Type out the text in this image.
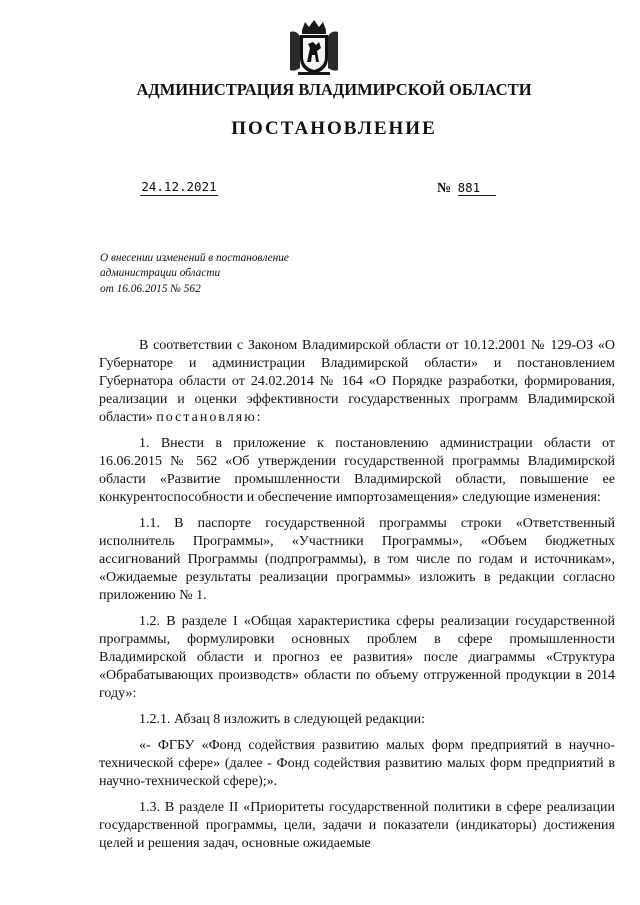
АДМИНИСТРАЦИЯ ВЛАДИМИРСКОЙ ОБЛАСТИ
ПОСТАНОВЛЕНИЕ
24.12.2021	№ 881
О внесении изменений в постановление
администрации области
от 16.06.2015 № 562

В соответствии с Законом Владимирской области от 10.12.2001 № 129-ОЗ «О Губернаторе и администрации Владимирской области» и постановлением Губернатора области от 24.02.2014 № 164 «О Порядке разработки, формирования, реализации и оценки эффективности государственных программ Владимирской области» постановляю:

1. Внести в приложение к постановлению администрации области от 16.06.2015 № 562 «Об утверждении государственной программы Владимирской области «Развитие промышленности Владимирской области, повышение ее конкурентоспособности и обеспечение импортозамещения» следующие изменения:

1.1. В паспорте государственной программы строки «Ответственный исполнитель Программы», «Участники Программы», «Объем бюджетных ассигнований Программы (подпрограммы), в том числе по годам и источникам», «Ожидаемые результаты реализации программы» изложить в редакции согласно приложению № 1.

1.2. В разделе I «Общая характеристика сферы реализации государственной программы, формулировки основных проблем в сфере промышленности Владимирской области и прогноз ее развития» после диаграммы «Структура «Обрабатывающих производств» области по объему отгруженной продукции в 2014 году»:

1.2.1. Абзац 8 изложить в следующей редакции:

«- ФГБУ «Фонд содействия развитию малых форм предприятий в научно-технической сфере» (далее - Фонд содействия развитию малых форм предприятий в научно-технической сфере);».

1.3. В разделе II «Приоритеты государственной политики в сфере реализации государственной программы, цели, задачи и показатели (индикаторы) достижения целей и решения задач, основные ожидаемые
